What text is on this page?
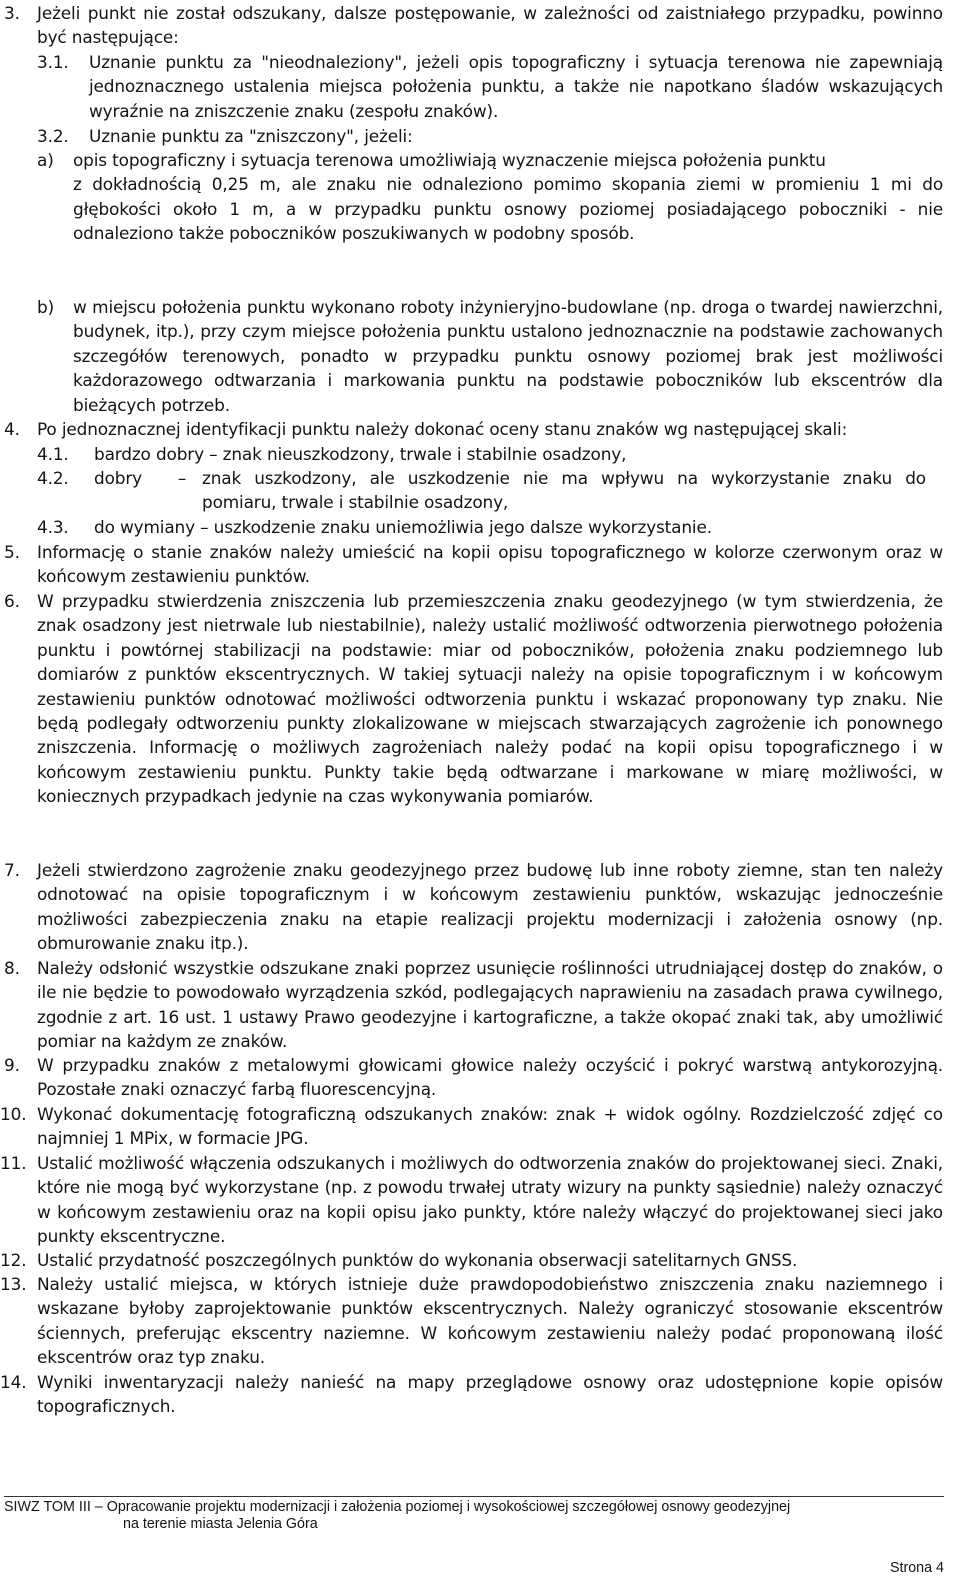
3.	Jeżeli punkt nie został odszukany, dalsze postępowanie, w zależności od zaistniałego przypadku, powinno być następujące:

3.1.	Uznanie punktu za "nieodnaleziony", jeżeli opis topograficzny i sytuacja terenowa nie zapewniają jednoznacznego ustalenia miejsca położenia punktu, a także nie napotkano śladów wskazujących wyraźnie na zniszczenie znaku (zespołu znaków).

3.2.	Uznanie punktu za "zniszczony", jeżeli:

a)	opis topograficzny i sytuacja terenowa umożliwiają wyznaczenie miejsca położenia punktu

z dokładnością 0,25 m, ale znaku nie odnaleziono pomimo skopania ziemi w promieniu 1 mi do głębokości około 1 m, a w przypadku punktu osnowy poziomej posiadającego poboczniki - nie odnaleziono także poboczników poszukiwanych w podobny sposób.

b)	w miejscu położenia punktu wykonano roboty inżynieryjno-budowlane (np. droga o twardej nawierzchni, budynek, itp.), przy czym miejsce położenia punktu ustalono jednoznacznie na podstawie zachowanych szczegółów terenowych, ponadto w przypadku punktu osnowy poziomej brak jest możliwości każdorazowego odtwarzania i markowania punktu na podstawie poboczników lub ekscentrów dla bieżących potrzeb.

4.	Po jednoznacznej identyfikacji punktu należy dokonać oceny stanu znaków wg następującej skali:

4.1.	bardzo dobry – znak nieuszkodzony, trwale i stabilnie osadzony,

4.2.	dobry	– znak uszkodzony, ale uszkodzenie nie ma wpływu na wykorzystanie znaku do pomiaru, trwale i stabilnie osadzony,

4.3.	do wymiany – uszkodzenie znaku uniemożliwia jego dalsze wykorzystanie.

5.	Informację o stanie znaków należy umieścić na kopii opisu topograficznego w kolorze czerwonym oraz w końcowym zestawieniu punktów.

6.	W przypadku stwierdzenia zniszczenia lub przemieszczenia znaku geodezyjnego (w tym stwierdzenia, że znak osadzony jest nietrwale lub niestabilnie), należy ustalić możliwość odtworzenia pierwotnego położenia punktu i powtórnej stabilizacji na podstawie: miar od poboczników, położenia znaku podziemnego lub domiarów z punktów ekscentrycznych. W takiej sytuacji należy na opisie topograficznym i w końcowym zestawieniu punktów odnotować możliwości odtworzenia punktu i wskazać proponowany typ znaku. Nie będą podlegały odtworzeniu punkty zlokalizowane w miejscach stwarzających zagrożenie ich ponownego zniszczenia. Informację o możliwych zagrożeniach należy podać na kopii opisu topograficznego i w końcowym zestawieniu punktu. Punkty takie będą odtwarzane i markowane w miarę możliwości, w koniecznych przypadkach jedynie na czas wykonywania pomiarów.

7.	Jeżeli stwierdzono zagrożenie znaku geodezyjnego przez budowę lub inne roboty ziemne, stan ten należy odnotować na opisie topograficznym i w końcowym zestawieniu punktów, wskazując jednocześnie możliwości zabezpieczenia znaku na etapie realizacji projektu modernizacji i założenia osnowy (np. obmurowanie znaku itp.).

8.	Należy odsłonić wszystkie odszukane znaki poprzez usunięcie roślinności utrudniającej dostęp do znaków, o ile nie będzie to powodowało wyrządzenia szkód, podlegających naprawieniu na zasadach prawa cywilnego, zgodnie z art. 16 ust. 1 ustawy Prawo geodezyjne i kartograficzne, a także okopać znaki tak, aby umożliwić pomiar na każdym ze znaków.

9.	W przypadku znaków z metalowymi głowicami głowice należy oczyścić i pokryć warstwą antykorozyjną. Pozostałe znaki oznaczyć farbą fluorescencyjną.

10. Wykonać dokumentację fotograficzną odszukanych znaków: znak + widok ogólny. Rozdzielczość zdjęć co najmniej 1 MPix, w formacie JPG.

11. Ustalić możliwość włączenia odszukanych i możliwych do odtworzenia znaków do projektowanej sieci. Znaki, które nie mogą być wykorzystane (np. z powodu trwałej utraty wizury na punkty sąsiednie) należy oznaczyć w końcowym zestawieniu oraz na kopii opisu jako punkty, które należy włączyć do projektowanej sieci jako punkty ekscentryczne.

12. Ustalić przydatność poszczególnych punktów do wykonania obserwacji satelitarnych GNSS.

13. Należy ustalić miejsca, w których istnieje duże prawdopodobieństwo zniszczenia znaku naziemnego i wskazane byłoby zaprojektowanie punktów ekscentrycznych. Należy ograniczyć stosowanie ekscentrów ściennych, preferując ekscentry naziemne. W końcowym zestawieniu należy podać proponowaną ilość ekscentrów oraz typ znaku.

14. Wyniki inwentaryzacji należy nanieść na mapy przeglądowe osnowy oraz udostępnione kopie opisów topograficznych.

SIWZ TOM III – Opracowanie projektu modernizacji i założenia poziomej i wysokościowej szczegółowej osnowy geodezyjnej
na terenie miasta Jelenia Góra
Strona 4
